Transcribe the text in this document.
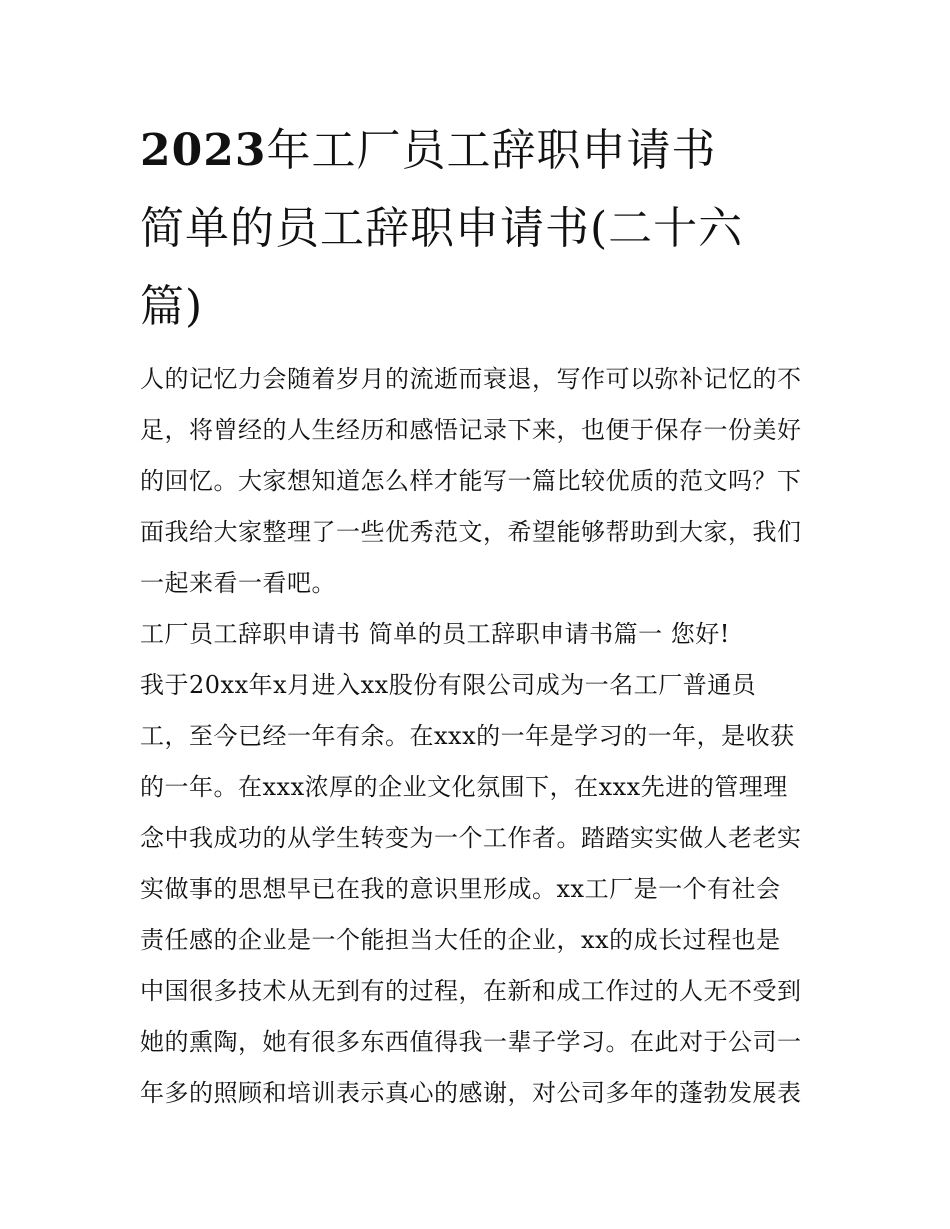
2023年工厂员工辞职申请书
简单的员工辞职申请书(二十六
篇)

人的记忆力会随着岁月的流逝而衰退，写作可以弥补记忆的不
足，将曾经的人生经历和感悟记录下来，也便于保存一份美好
的回忆。大家想知道怎么样才能写一篇比较优质的范文吗？下
面我给大家整理了一些优秀范文，希望能够帮助到大家，我们
一起来看一看吧。

工厂员工辞职申请书 简单的员工辞职申请书篇一 您好!

我于20xx年x月进入xx股份有限公司成为一名工厂普通员
工，至今已经一年有余。在xxx的一年是学习的一年，是收获
的一年。在xxx浓厚的企业文化氛围下，在xxx先进的管理理
念中我成功的从学生转变为一个工作者。踏踏实实做人老老实
实做事的思想早已在我的意识里形成。xx工厂是一个有社会
责任感的企业是一个能担当大任的企业，xx的成长过程也是
中国很多技术从无到有的过程，在新和成工作过的人无不受到
她的熏陶，她有很多东西值得我一辈子学习。在此对于公司一
年多的照顾和培训表示真心的感谢，对公司多年的蓬勃发展表
